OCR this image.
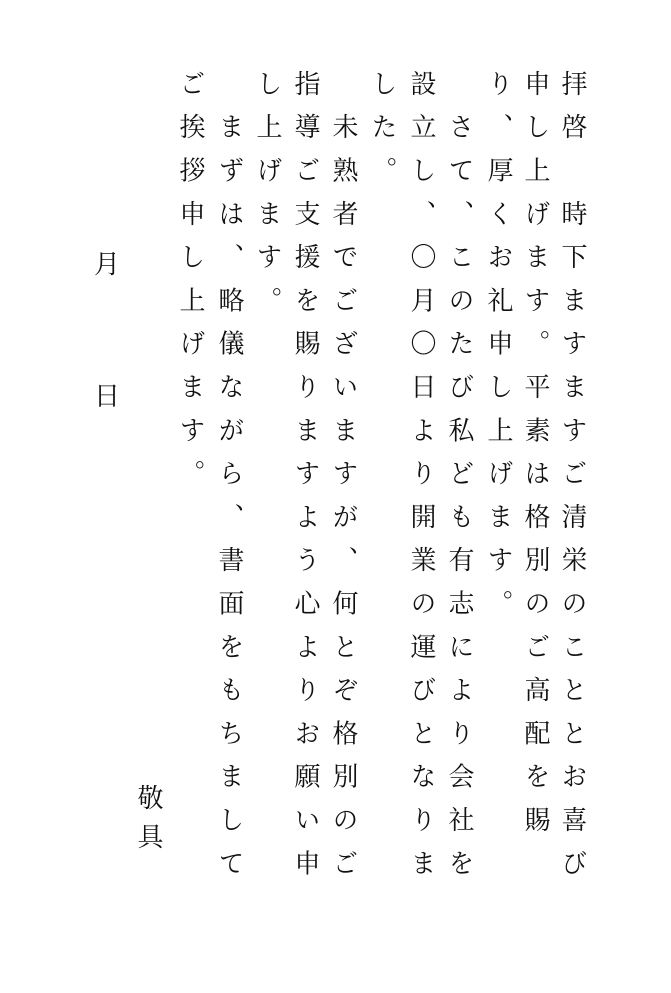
拝啓　時下ますますご清栄のこととお喜び
申し上げます。平素は格別のご高配を賜
り、厚くお礼申し上げます。
　さて、このたび私ども有志により会社を
設立し、〇月〇日より開業の運びとなりま
した。
　未熟者でございますが、何とぞ格別のご
指導ご支援を賜りますよう心よりお願い申
し上げます。
　まずは、略儀ながら、書面をもちまして
ご挨拶申し上げます。
月
日
敬具
